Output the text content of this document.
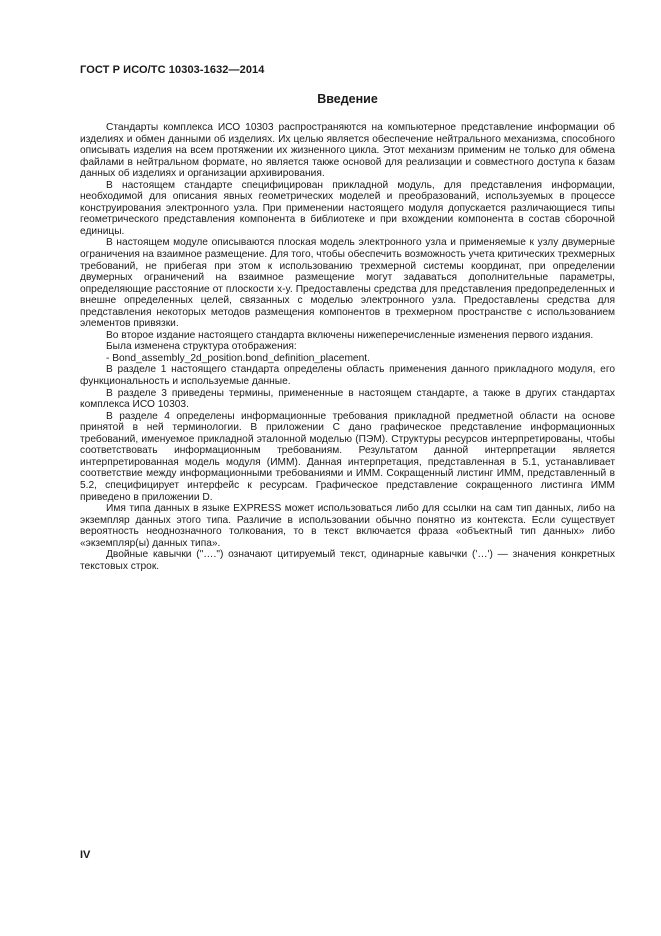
ГОСТ Р ИСО/ТС 10303-1632—2014
Введение

Стандарты комплекса ИСО 10303 распространяются на компьютерное представление информации об изделиях и обмен данными об изделиях. Их целью является обеспечение нейтрального механизма, способного описывать изделия на всем протяжении их жизненного цикла. Этот механизм применим не только для обмена файлами в нейтральном формате, но является также основой для реализации и совместного доступа к базам данных об изделиях и организации архивирования.

В настоящем стандарте специфицирован прикладной модуль, для представления информации, необходимой для описания явных геометрических моделей и преобразований, используемых в процессе конструирования электронного узла. При применении настоящего модуля допускается различающиеся типы геометрического представления компонента в библиотеке и при вхождении компонента в состав сборочной единицы.

В настоящем модуле описываются плоская модель электронного узла и применяемые к узлу двумерные ограничения на взаимное размещение. Для того, чтобы обеспечить возможность учета критических трехмерных требований, не прибегая при этом к использованию трехмерной системы координат, при определении двумерных ограничений на взаимное размещение могут задаваться дополнительные параметры, определяющие расстояние от плоскости x-y. Предоставлены средства для представления предопределенных и внешне определенных целей, связанных с моделью электронного узла. Предоставлены средства для представления некоторых методов размещения компонентов в трехмерном пространстве с использованием элементов привязки.

Во второе издание настоящего стандарта включены нижеперечисленные изменения первого издания.

Была изменена структура отображения:

- Bond_assembly_2d_position.bond_definition_placement.

В разделе 1 настоящего стандарта определены область применения данного прикладного модуля, его функциональность и используемые данные.

В разделе 3 приведены термины, примененные в настоящем стандарте, а также в других стандартах комплекса ИСО 10303.

В разделе 4 определены информационные требования прикладной предметной области на основе принятой в ней терминологии. В приложении С дано графическое представление информационных требований, именуемое прикладной эталонной моделью (ПЭМ). Структуры ресурсов интерпретированы, чтобы соответствовать информационным требованиям. Результатом данной интерпретации является интерпретированная модель модуля (ИММ). Данная интерпретация, представленная в 5.1, устанавливает соответствие между информационными требованиями и ИММ. Сокращенный листинг ИММ, представленный в 5.2, специфицирует интерфейс к ресурсам. Графическое представление сокращенного листинга ИММ приведено в приложении D.

Имя типа данных в языке EXPRESS может использоваться либо для ссылки на сам тип данных, либо на экземпляр данных этого типа. Различие в использовании обычно понятно из контекста. Если существует вероятность неоднозначного толкования, то в текст включается фраза «объектный тип данных» либо «экземпляр(ы) данных типа».

Двойные кавычки ("….") означают цитируемый текст, одинарные кавычки ('…') — значения конкретных текстовых строк.

IV
